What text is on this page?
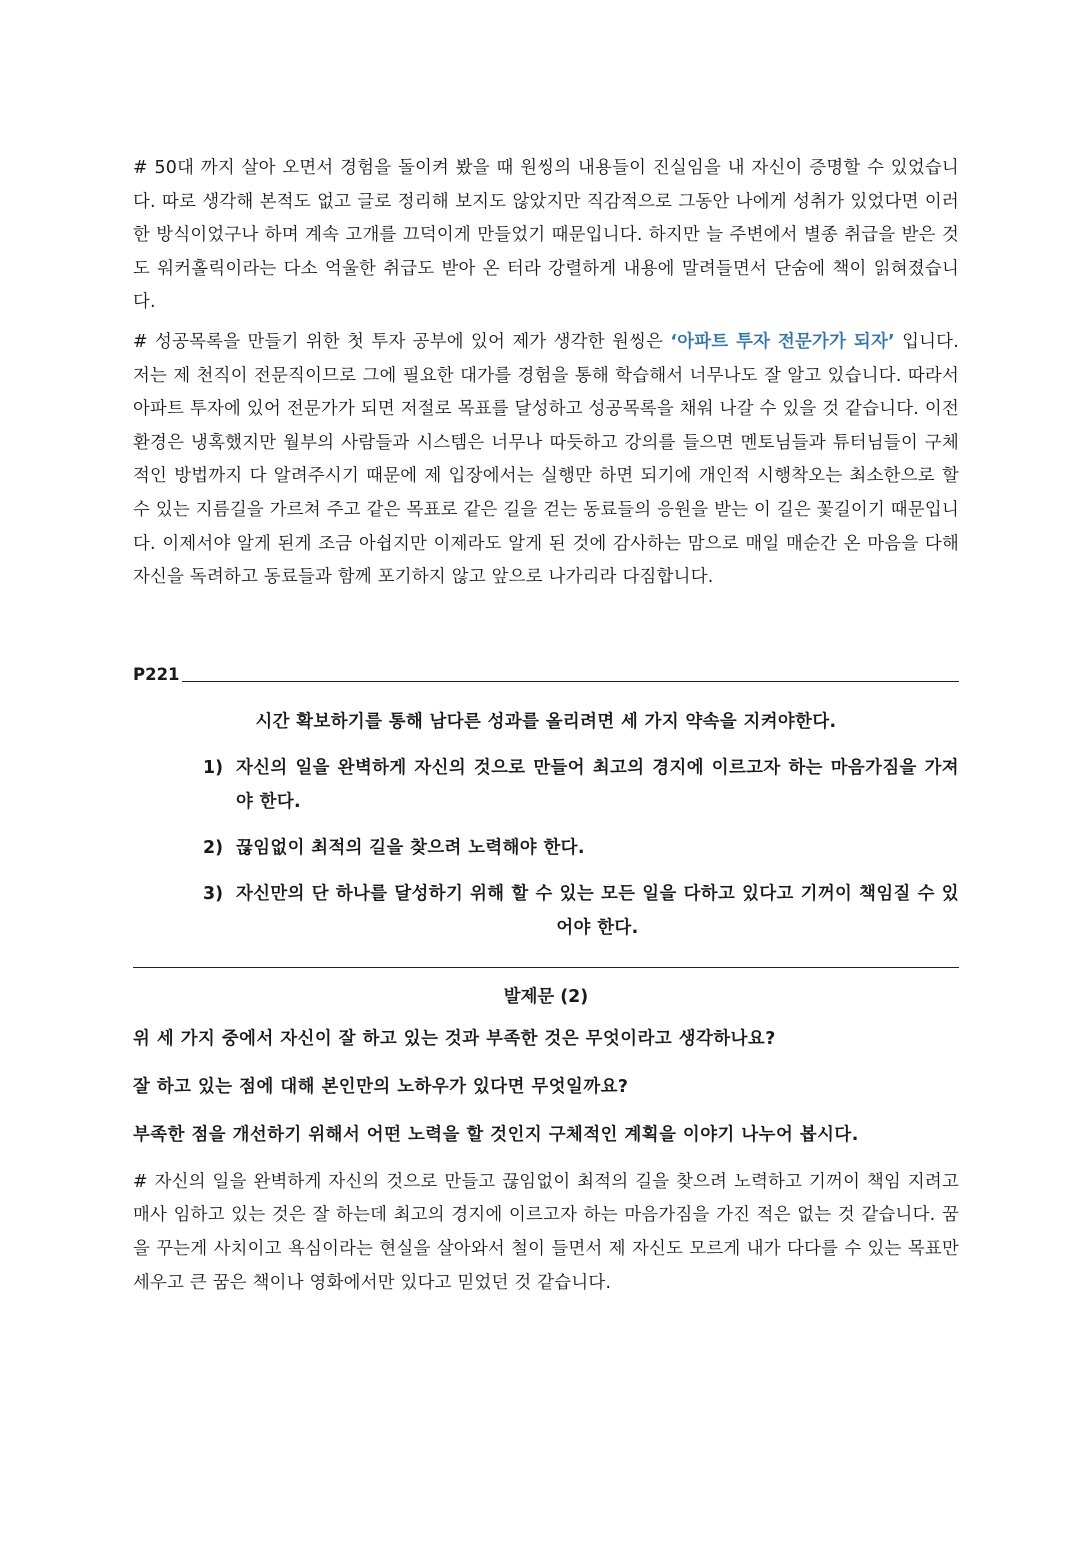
# 50대 까지 살아 오면서 경험을 돌이켜 봤을 때 원씽의 내용들이 진실임을 내 자신이 증명할 수 있었습니다. 따로 생각해 본적도 없고 글로 정리해 보지도 않았지만 직감적으로 그동안 나에게 성취가 있었다면 이러한 방식이었구나 하며 계속 고개를 끄덕이게 만들었기 때문입니다. 하지만 늘 주변에서 별종 취급을 받은 것도 워커홀릭이라는 다소 억울한 취급도 받아 온 터라 강렬하게 내용에 말려들면서 단숨에 책이 읽혀졌습니다.

# 성공목록을 만들기 위한 첫 투자 공부에 있어 제가 생각한 원씽은 ‘아파트 투자 전문가가 되자’ 입니다. 저는 제 천직이 전문직이므로 그에 필요한 대가를 경험을 통해 학습해서 너무나도 잘 알고 있습니다. 따라서 아파트 투자에 있어 전문가가 되면 저절로 목표를 달성하고 성공목록을 채워 나갈 수 있을 것 같습니다. 이전 환경은 냉혹했지만 월부의 사람들과 시스템은 너무나 따듯하고 강의를 들으면 멘토님들과 튜터님들이 구체적인 방법까지 다 알려주시기 때문에 제 입장에서는 실행만 하면 되기에 개인적 시행착오는 최소한으로 할 수 있는 지름길을 가르쳐 주고 같은 목표로 같은 길을 걷는 동료들의 응원을 받는 이 길은 꽃길이기 때문입니다. 이제서야 알게 된게 조금 아쉽지만 이제라도 알게 된 것에 감사하는 맘으로 매일 매순간 온 마음을 다해 자신을 독려하고 동료들과 함께 포기하지 않고 앞으로 나가리라 다짐합니다.

P221
시간 확보하기를 통해 남다른 성과를 올리려면 세 가지 약속을 지켜야한다.
1) 자신의 일을 완벽하게 자신의 것으로 만들어 최고의 경지에 이르고자 하는 마음가짐을 가져야 한다.
2) 끊임없이 최적의 길을 찾으려 노력해야 한다.
3) 자신만의 단 하나를 달성하기 위해 할 수 있는 모든 일을 다하고 있다고 기꺼이 책임질 수 있어야 한다.
발제문 (2)
위 세 가지 중에서 자신이 잘 하고 있는 것과 부족한 것은 무엇이라고 생각하나요?
잘 하고 있는 점에 대해 본인만의 노하우가 있다면 무엇일까요?
부족한 점을 개선하기 위해서 어떤 노력을 할 것인지 구체적인 계획을 이야기 나누어 봅시다.

# 자신의 일을 완벽하게 자신의 것으로 만들고 끊임없이 최적의 길을 찾으려 노력하고 기꺼이 책임 지려고 매사 임하고 있는 것은 잘 하는데 최고의 경지에 이르고자 하는 마음가짐을 가진 적은 없는 것 같습니다. 꿈을 꾸는게 사치이고 욕심이라는 현실을 살아와서 철이 들면서 제 자신도 모르게 내가 다다를 수 있는 목표만 세우고 큰 꿈은 책이나 영화에서만 있다고 믿었던 것 같습니다.
